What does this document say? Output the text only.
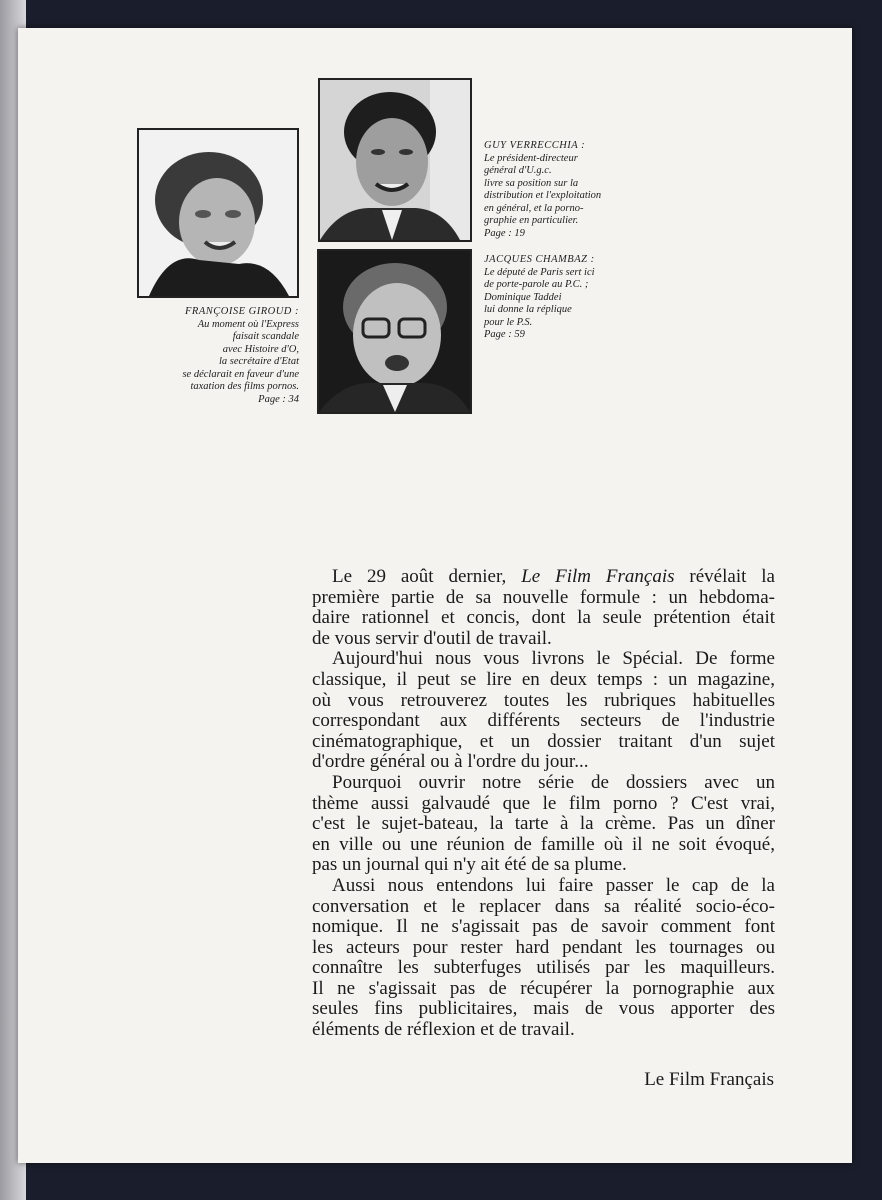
FRANÇOISE GIROUD :
Au moment où l'Express
faisait scandale
avec Histoire d'O,
la secrétaire d'Etat
se déclarait en faveur d'une
taxation des films pornos.
Page : 34
GUY VERRECCHIA :
Le président-directeur
général d'U.g.c.
livre sa position sur la
distribution et l'exploitation
en général, et la porno-
graphie en particulier.
Page : 19
JACQUES CHAMBAZ :
Le député de Paris sert ici
de porte-parole au P.C. ;
Dominique Taddei
lui donne la réplique
pour le P.S.
Page : 59
Le 29 août dernier, Le Film Français révélait la
première partie de sa nouvelle formule : un hebdoma-
daire rationnel et concis, dont la seule prétention était
de vous servir d'outil de travail.
Aujourd'hui nous vous livrons le Spécial. De forme
classique, il peut se lire en deux temps : un magazine,
où vous retrouverez toutes les rubriques habituelles
correspondant aux différents secteurs de l'industrie
cinématographique, et un dossier traitant d'un sujet
d'ordre général ou à l'ordre du jour...
Pourquoi ouvrir notre série de dossiers avec un
thème aussi galvaudé que le film porno ? C'est vrai,
c'est le sujet-bateau, la tarte à la crème. Pas un dîner
en ville ou une réunion de famille où il ne soit évoqué,
pas un journal qui n'y ait été de sa plume.
Aussi nous entendons lui faire passer le cap de la
conversation et le replacer dans sa réalité socio-éco-
nomique. Il ne s'agissait pas de savoir comment font
les acteurs pour rester hard pendant les tournages ou
connaître les subterfuges utilisés par les maquilleurs.
Il ne s'agissait pas de récupérer la pornographie aux
seules fins publicitaires, mais de vous apporter des
éléments de réflexion et de travail.
Le Film Français
